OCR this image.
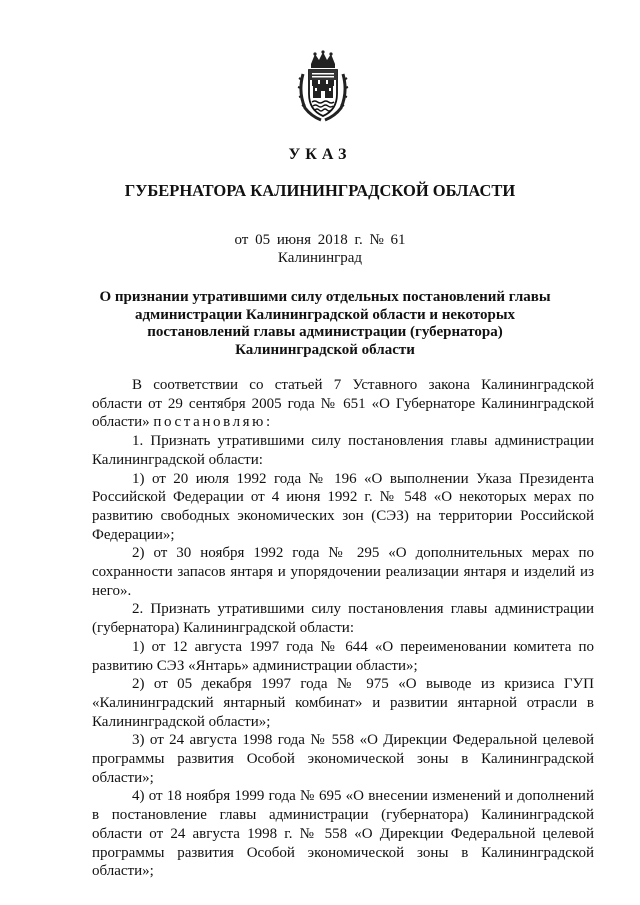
УКАЗ
ГУБЕРНАТОРА КАЛИНИНГРАДСКОЙ ОБЛАСТИ
от 05 июня 2018 г. № 61
Калининград
О признании утратившими силу отдельных постановлений главы администрации Калининградской области и некоторых постановлений главы администрации (губернатора) Калининградской области

В соответствии со статьей 7 Уставного закона Калининградской области от 29 сентября 2005 года № 651 «О Губернаторе Калининградской области» постановляю:

1. Признать утратившими силу постановления главы администрации Калининградской области:

1) от 20 июля 1992 года № 196 «О выполнении Указа Президента Российской Федерации от 4 июня 1992 г. № 548 «О некоторых мерах по развитию свободных экономических зон (СЭЗ) на территории Российской Федерации»;

2) от 30 ноября 1992 года № 295 «О дополнительных мерах по сохранности запасов янтаря и упорядочении реализации янтаря и изделий из него».

2. Признать утратившими силу постановления главы администрации (губернатора) Калининградской области:

1) от 12 августа 1997 года № 644 «О переименовании комитета по развитию СЭЗ «Янтарь» администрации области»;

2) от 05 декабря 1997 года № 975 «О выводе из кризиса ГУП «Калининградский янтарный комбинат» и развитии янтарной отрасли в Калининградской области»;

3) от 24 августа 1998 года № 558 «О Дирекции Федеральной целевой программы развития Особой экономической зоны в Калининградской области»;

4) от 18 ноября 1999 года № 695 «О внесении изменений и дополнений в постановление главы администрации (губернатора) Калининградской области от 24 августа 1998 г. № 558 «О Дирекции Федеральной целевой программы развития Особой экономической зоны в Калининградской области»;
